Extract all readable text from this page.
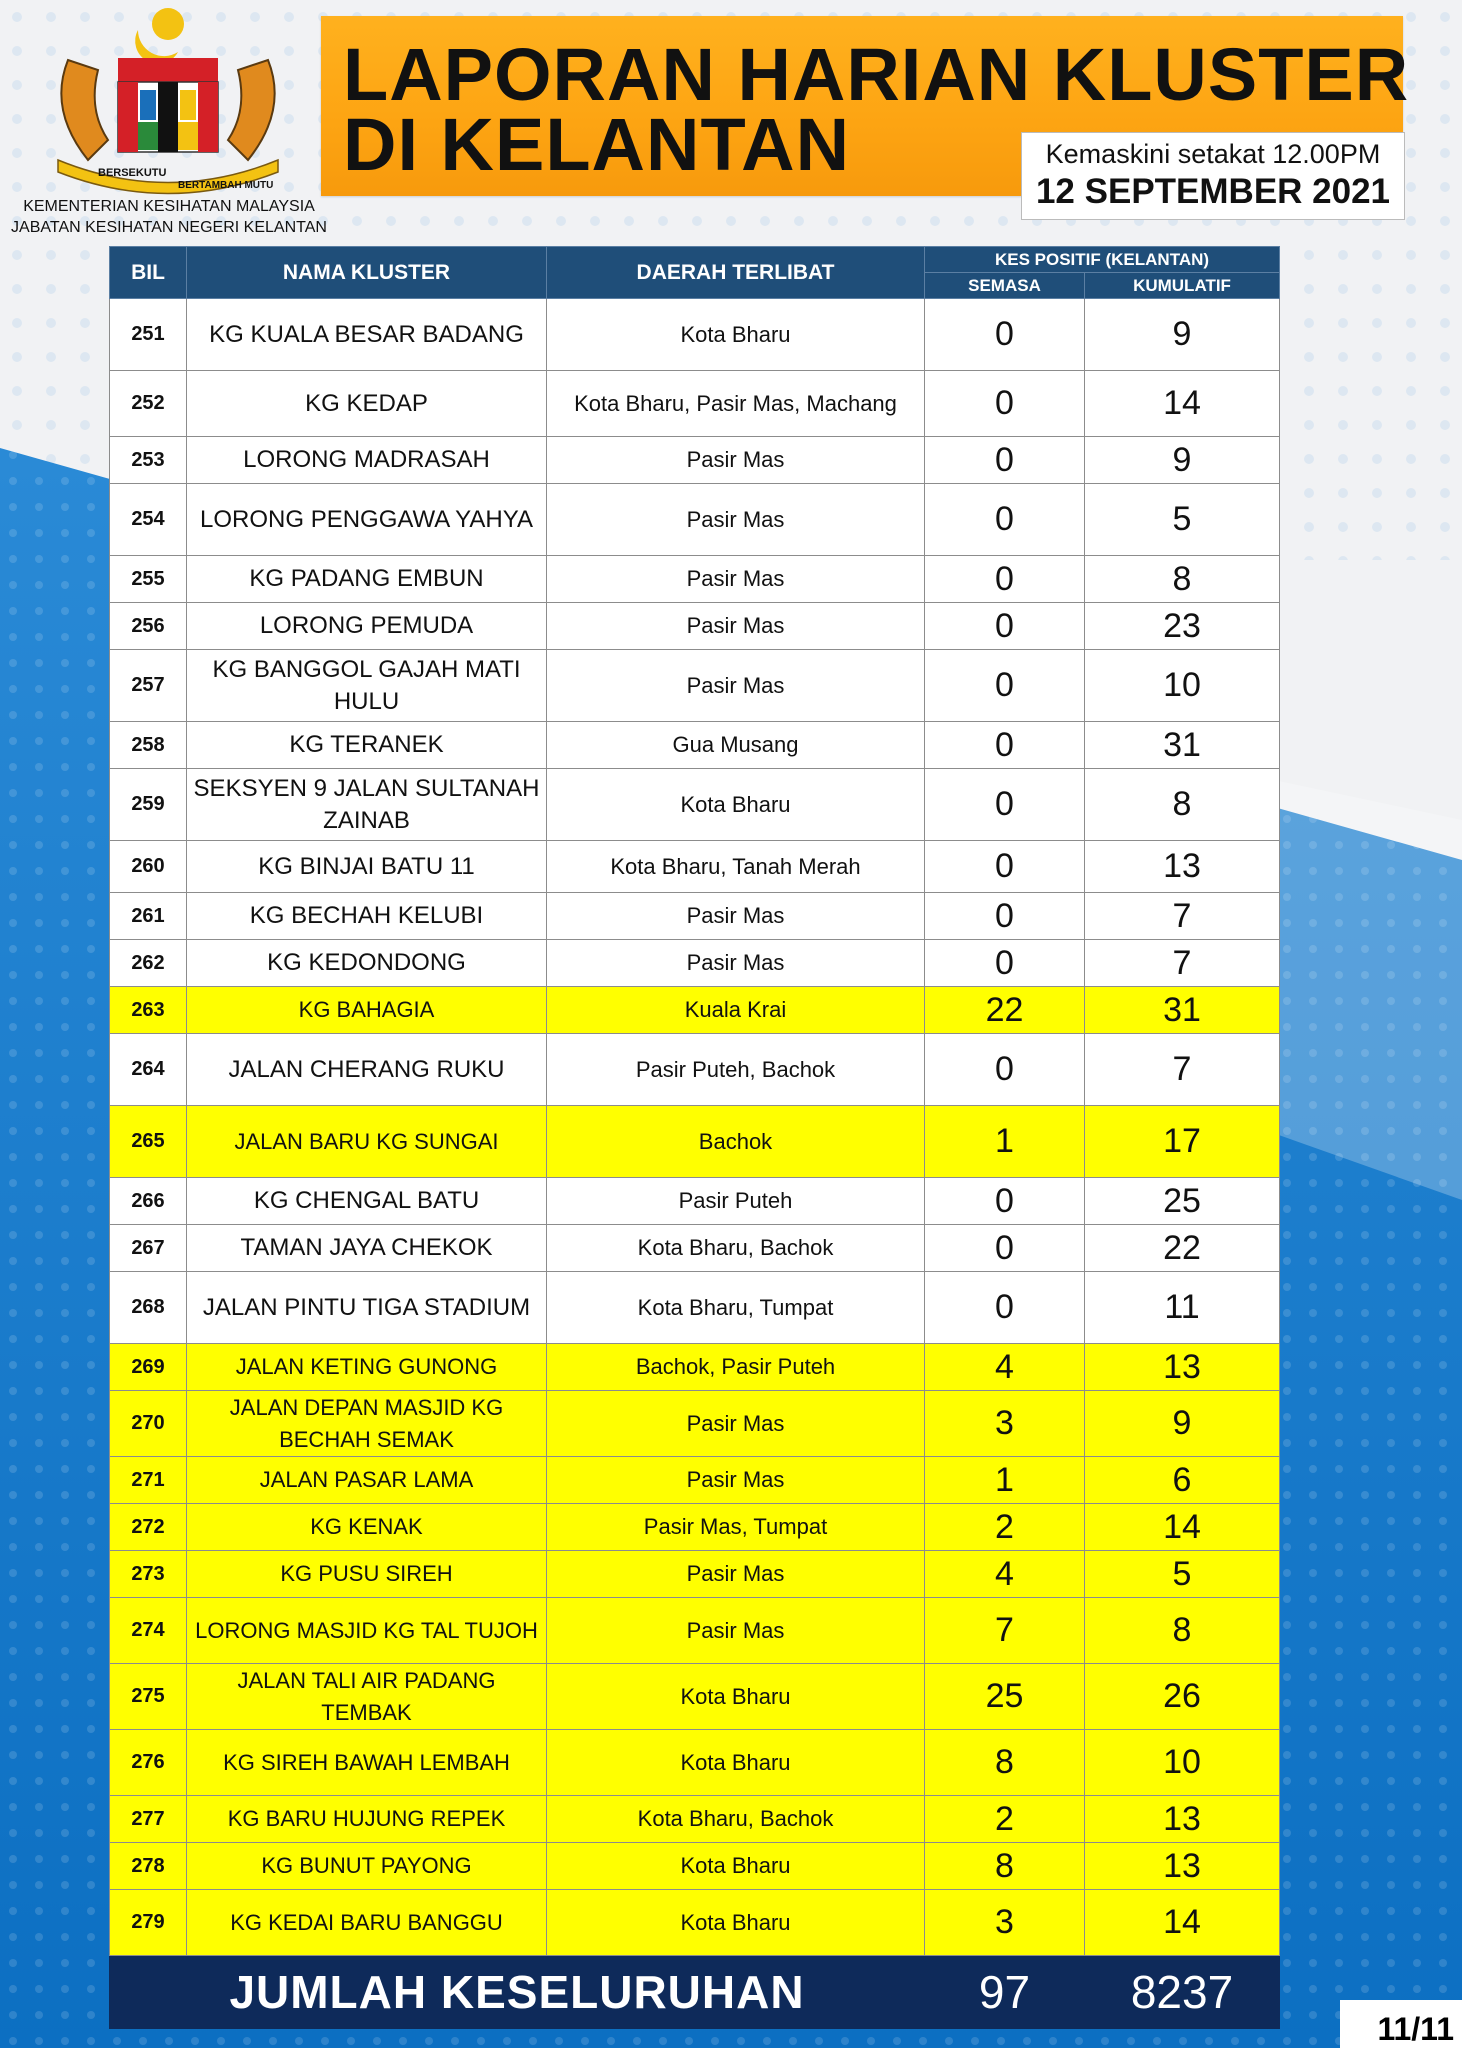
BERSEKUTU
BERTAMBAH MUTU
KEMENTERIAN KESIHATAN MALAYSIA
JABATAN KESIHATAN NEGERI KELANTAN
LAPORAN HARIAN KLUSTER
DI KELANTAN	Kemaskini setakat 12.00PM
12 SEPTEMBER 2021
BIL	NAMA KLUSTER	DAERAH TERLIBAT	KES POSITIF (KELANTAN)	
			SEMASA	KUMULATIF
251	KG KUALA BESAR BADANG	Kota Bharu	0	9
252	KG KEDAP	Kota Bharu, Pasir Mas, Machang	0	14
253	LORONG MADRASAH	Pasir Mas	0	9
254	LORONG PENGGAWA YAHYA	Pasir Mas	0	5
255	KG PADANG EMBUN	Pasir Mas	0	8
256	LORONG PEMUDA	Pasir Mas	0	23
257	KG BANGGOL GAJAH MATI HULU	Pasir Mas	0	10
258	KG TERANEK	Gua Musang	0	31
259	SEKSYEN 9 JALAN SULTANAH ZAINAB	Kota Bharu	0	8
260	KG BINJAI BATU 11	Kota Bharu, Tanah Merah	0	13
261	KG BECHAH KELUBI	Pasir Mas	0	7
262	KG KEDONDONG	Pasir Mas	0	7
263	KG BAHAGIA	Kuala Krai	22	31
264	JALAN CHERANG RUKU	Pasir Puteh, Bachok	0	7
265	JALAN BARU KG SUNGAI	Bachok	1	17
266	KG CHENGAL BATU	Pasir Puteh	0	25
267	TAMAN JAYA CHEKOK	Kota Bharu, Bachok	0	22
268	JALAN PINTU TIGA STADIUM	Kota Bharu, Tumpat	0	11
269	JALAN KETING GUNONG	Bachok, Pasir Puteh	4	13
270	JALAN DEPAN MASJID KG BECHAH SEMAK	Pasir Mas	3	9
271	JALAN PASAR LAMA	Pasir Mas	1	6
272	KG KENAK	Pasir Mas, Tumpat	2	14
273	KG PUSU SIREH	Pasir Mas	4	5
274	LORONG MASJID KG TAL TUJOH	Pasir Mas	7	8
275	JALAN TALI AIR PADANG TEMBAK	Kota Bharu	25	26
276	KG SIREH BAWAH LEMBAH	Kota Bharu	8	10
277	KG BARU HUJUNG REPEK	Kota Bharu, Bachok	2	13
278	KG BUNUT PAYONG	Kota Bharu	8	13
279	KG KEDAI BARU BANGGU	Kota Bharu	3	14
JUMLAH KESELURUHAN			97	8237
11/11
